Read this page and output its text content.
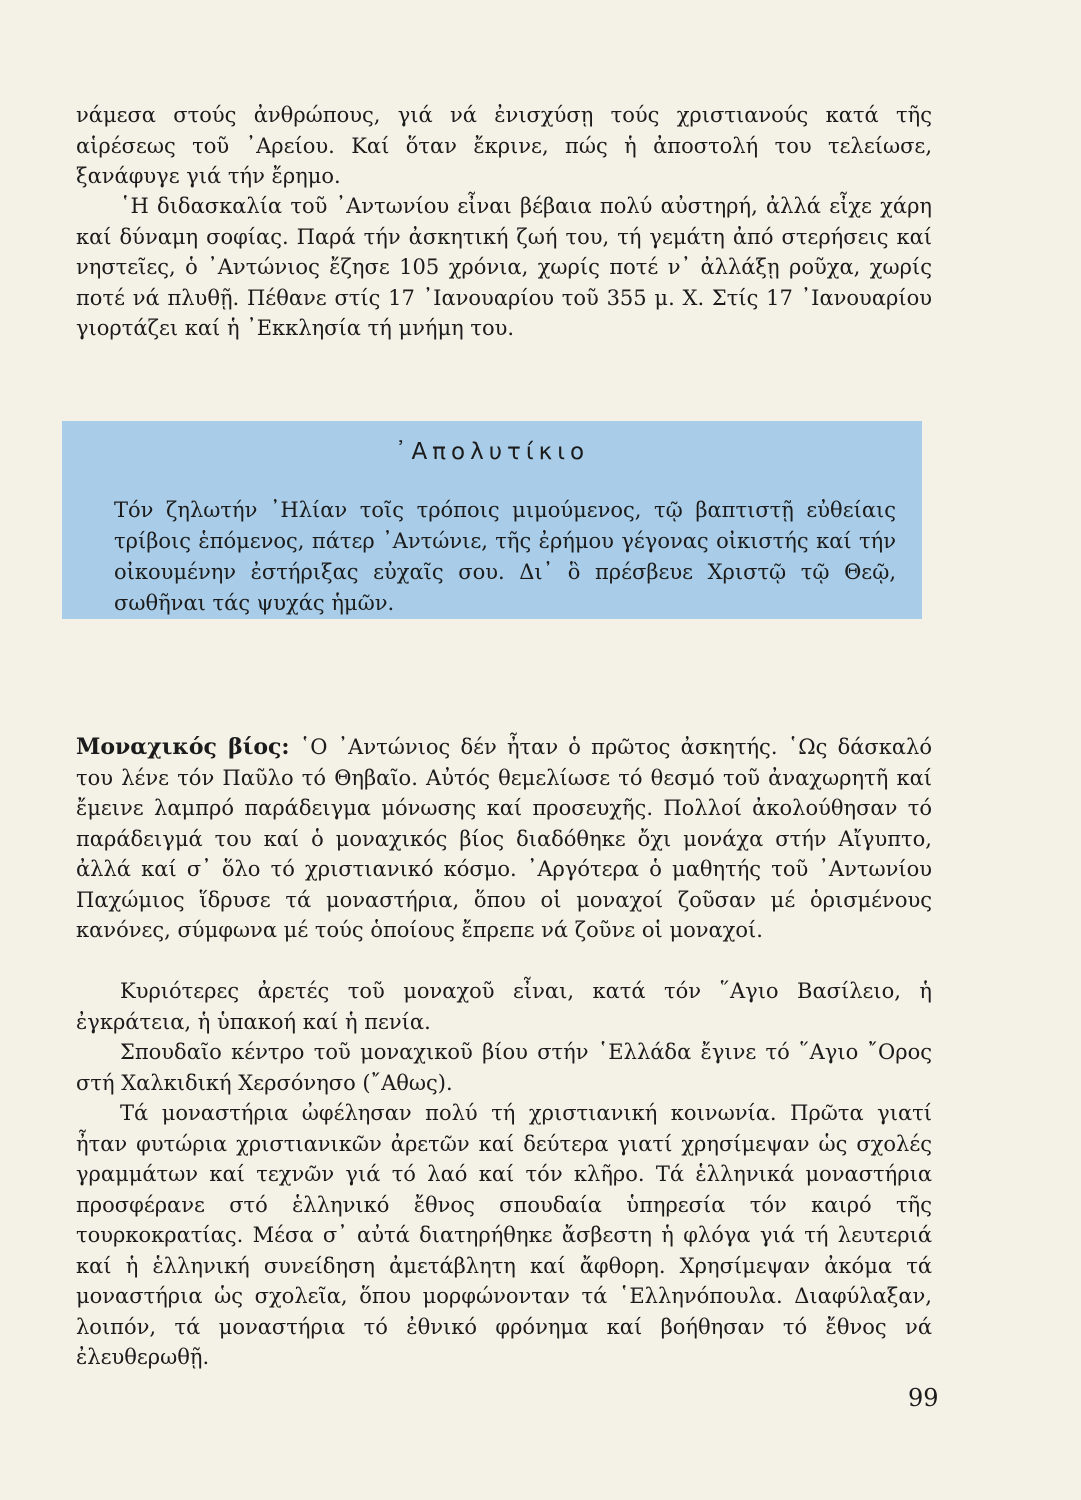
νάμεσα στούς ἀνθρώπους, γιά νά ἐνισχύσῃ τούς χριστιανούς κατά τῆς αἱρέσεως τοῦ ᾿Αρείου. Καί ὅταν ἔκρινε, πώς ἡ ἀποστολή του τελείωσε, ξανάφυγε γιά τήν ἔρημο.

῾Η διδασκαλία τοῦ ᾿Αντωνίου εἶναι βέβαια πολύ αὐστηρή, ἀλλά εἶχε χάρη καί δύναμη σοφίας. Παρά τήν ἀσκητική ζωή του, τή γεμάτη ἀπό στερήσεις καί νηστεῖες, ὁ ᾿Αντώνιος ἔζησε 105 χρόνια, χωρίς ποτέ ν᾿ ἀλλάξῃ ροῦχα, χωρίς ποτέ νά πλυθῇ. Πέθανε στίς 17 ᾿Ιανουαρίου τοῦ 355 μ. Χ. Στίς 17 ᾿Ιανουαρίου γιορτάζει καί ἡ ᾿Εκκλησία τή μνήμη του.

᾿Απολυτίκιο

Τόν ζηλωτήν ᾿Ηλίαν τοῖς τρόποις μιμούμενος, τῷ βαπτιστῇ εὐθείαις τρίβοις ἑπόμενος, πάτερ ᾿Αντώνιε, τῆς ἐρήμου γέγονας οἰκιστής καί τήν οἰκουμένην ἐστήριξας εὐχαῖς σου. Δι᾿ ὃ πρέσβευε Χριστῷ τῷ Θεῷ, σωθῆναι τάς ψυχάς ἡμῶν.

Μοναχικός βίος: ῾Ο ᾿Αντώνιος δέν ἦταν ὁ πρῶτος ἀσκητής. ῾Ως δάσκαλό του λένε τόν Παῦλο τό Θηβαῖο. Αὐτός θεμελίωσε τό θεσμό τοῦ ἀναχωρητῆ καί ἔμεινε λαμπρό παράδειγμα μόνωσης καί προσευχῆς. Πολλοί ἀκολούθησαν τό παράδειγμά του καί ὁ μοναχικός βίος διαδόθηκε ὄχι μονάχα στήν Αἴγυπτο, ἀλλά καί σ᾿ ὅλο τό χριστιανικό κόσμο. ᾿Αργότερα ὁ μαθητής τοῦ ᾿Αντωνίου Παχώμιος ἵδρυσε τά μοναστήρια, ὅπου οἱ μοναχοί ζοῦσαν μέ ὁρισμένους κανόνες, σύμφωνα μέ τούς ὁποίους ἔπρεπε νά ζοῦνε οἱ μοναχοί.

Κυριότερες ἀρετές τοῦ μοναχοῦ εἶναι, κατά τόν ῞Αγιο Βασίλειο, ἡ ἐγκράτεια, ἡ ὑπακοή καί ἡ πενία.

Σπουδαῖο κέντρο τοῦ μοναχικοῦ βίου στήν ῾Ελλάδα ἔγινε τό ῞Αγιο ῎Ορος στή Χαλκιδική Χερσόνησο (῎Αθως).

Τά μοναστήρια ὠφέλησαν πολύ τή χριστιανική κοινωνία. Πρῶτα γιατί ἦταν φυτώρια χριστιανικῶν ἀρετῶν καί δεύτερα γιατί χρησίμεψαν ὡς σχολές γραμμάτων καί τεχνῶν γιά τό λαό καί τόν κλῆρο. Τά ἑλληνικά μοναστήρια προσφέρανε στό ἑλληνικό ἔθνος σπουδαία ὑπηρεσία τόν καιρό τῆς τουρκοκρατίας. Μέσα σ᾿ αὐτά διατηρήθηκε ἄσβεστη ἡ φλόγα γιά τή λευτεριά καί ἡ ἑλληνική συνείδηση ἀμετάβλητη καί ἄφθορη. Χρησίμεψαν ἀκόμα τά μοναστήρια ὡς σχολεῖα, ὅπου μορφώνονταν τά ῾Ελληνόπουλα. Διαφύλαξαν, λοιπόν, τά μοναστήρια τό ἐθνικό φρόνημα καί βοήθησαν τό ἔθνος νά ἐλευθερωθῇ.

99
